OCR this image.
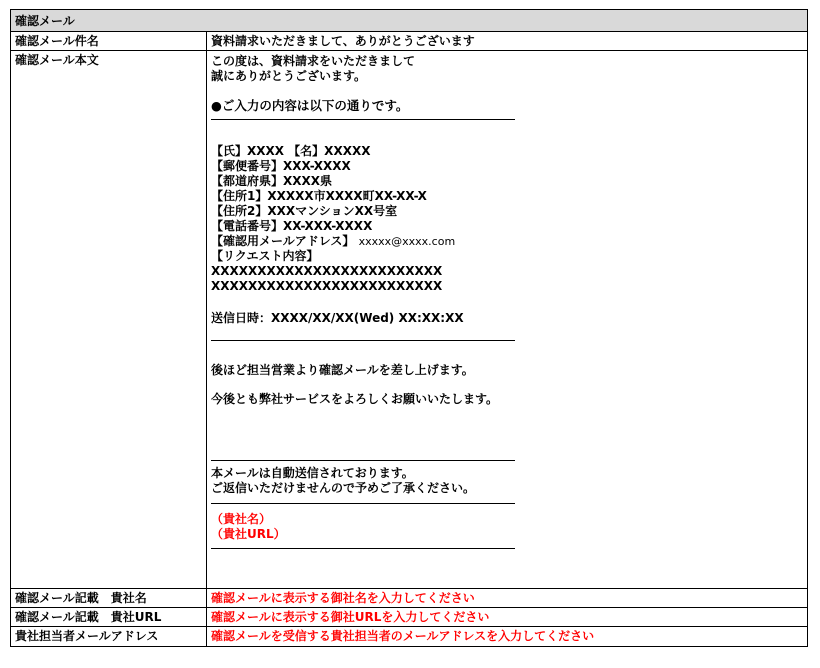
確認メール
確認メール件名	資料請求いただきまして、ありがとうございます
確認メール本文	この度は、資料請求をいただきまして
誠にありがとうございます。
●ご入力の内容は以下の通りです。
【氏】XXXX 【名】XXXXX
【郵便番号】XXX-XXXX
【都道府県】XXXX県
【住所1】XXXXX市XXXX町XX-XX-X
【住所2】XXXマンションXX号室
【電話番号】XX-XXX-XXXX
【確認用メールアドレス】 xxxxx@xxxx.com
【リクエスト内容】
XXXXXXXXXXXXXXXXXXXXXXXXX
XXXXXXXXXXXXXXXXXXXXXXXXX
送信日時：XXXX/XX/XX(Wed) XX:XX:XX
後ほど担当営業より確認メールを差し上げます。
今後とも弊社サービスをよろしくお願いいたします。
本メールは自動送信されております。
ご返信いただけませんので予めご了承ください。
（貴社名）
（貴社URL）
確認メール記載　貴社名	確認メールに表示する御社名を入力してください
確認メール記載　貴社URL	確認メールに表示する御社URLを入力してください
貴社担当者メールアドレス	確認メールを受信する貴社担当者のメールアドレスを入力してください
